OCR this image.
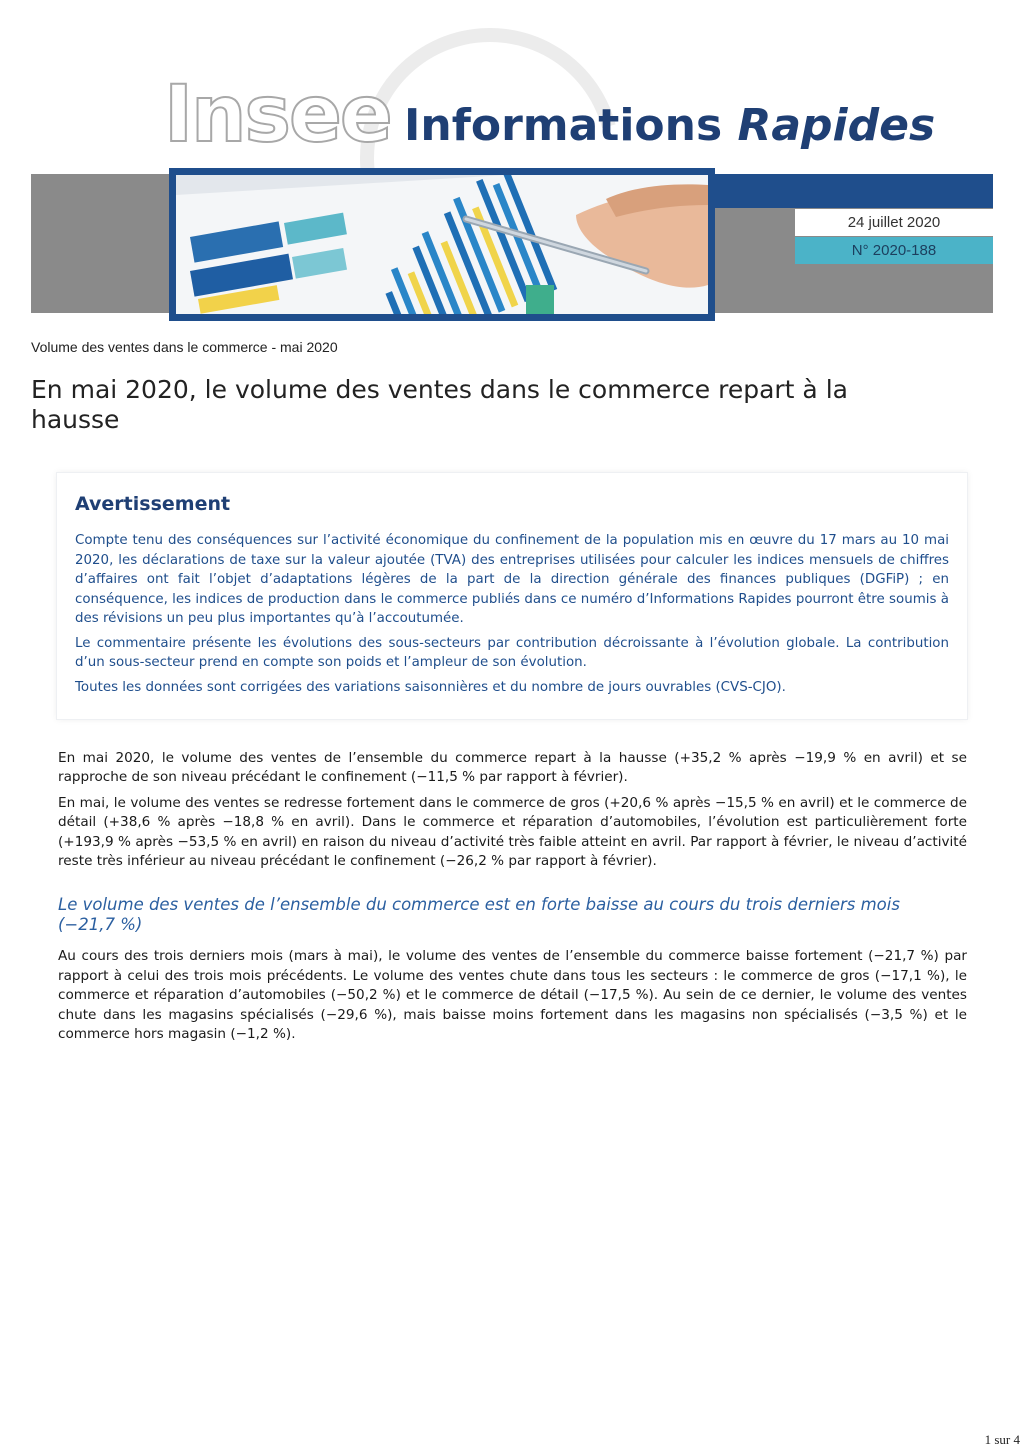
Insee Informations Rapides
24 juillet 2020
N° 2020-188
Volume des ventes dans le commerce - mai 2020
En mai 2020, le volume des ventes dans le commerce repart à la hausse
Avertissement

Compte tenu des conséquences sur l’activité économique du confinement de la population mis en œuvre du 17 mars au 10 mai 2020, les déclarations de taxe sur la valeur ajoutée (TVA) des entreprises utilisées pour calculer les indices mensuels de chiffres d’affaires ont fait l’objet d’adaptations légères de la part de la direction générale des finances publiques (DGFiP) ; en conséquence, les indices de production dans le commerce publiés dans ce numéro d’Informations Rapides pourront être soumis à des révisions un peu plus importantes qu’à l’accoutumée.

Le commentaire présente les évolutions des sous-secteurs par contribution décroissante à l’évolution globale. La contribution d’un sous-secteur prend en compte son poids et l’ampleur de son évolution.

Toutes les données sont corrigées des variations saisonnières et du nombre de jours ouvrables (CVS-CJO).

En mai 2020, le volume des ventes de l’ensemble du commerce repart à la hausse (+35,2 % après −19,9 % en avril) et se rapproche de son niveau précédant le confinement (−11,5 % par rapport à février).

En mai, le volume des ventes se redresse fortement dans le commerce de gros (+20,6 % après −15,5 % en avril) et le commerce de détail (+38,6 % après −18,8 % en avril). Dans le commerce et réparation d’automobiles, l’évolution est particulièrement forte (+193,9 % après −53,5 % en avril) en raison du niveau d’activité très faible atteint en avril. Par rapport à février, le niveau d’activité reste très inférieur au niveau précédant le confinement (−26,2 % par rapport à février).

Le volume des ventes de l’ensemble du commerce est en forte baisse au cours du trois derniers mois (−21,7 %)

Au cours des trois derniers mois (mars à mai), le volume des ventes de l’ensemble du commerce baisse fortement (−21,7 %) par rapport à celui des trois mois précédents. Le volume des ventes chute dans tous les secteurs : le commerce de gros (−17,1 %), le commerce et réparation d’automobiles (−50,2 %) et le commerce de détail (−17,5 %). Au sein de ce dernier, le volume des ventes chute dans les magasins spécialisés (−29,6 %), mais baisse moins fortement dans les magasins non spécialisés (−3,5 %) et le commerce hors magasin (−1,2 %).

1 sur 4
